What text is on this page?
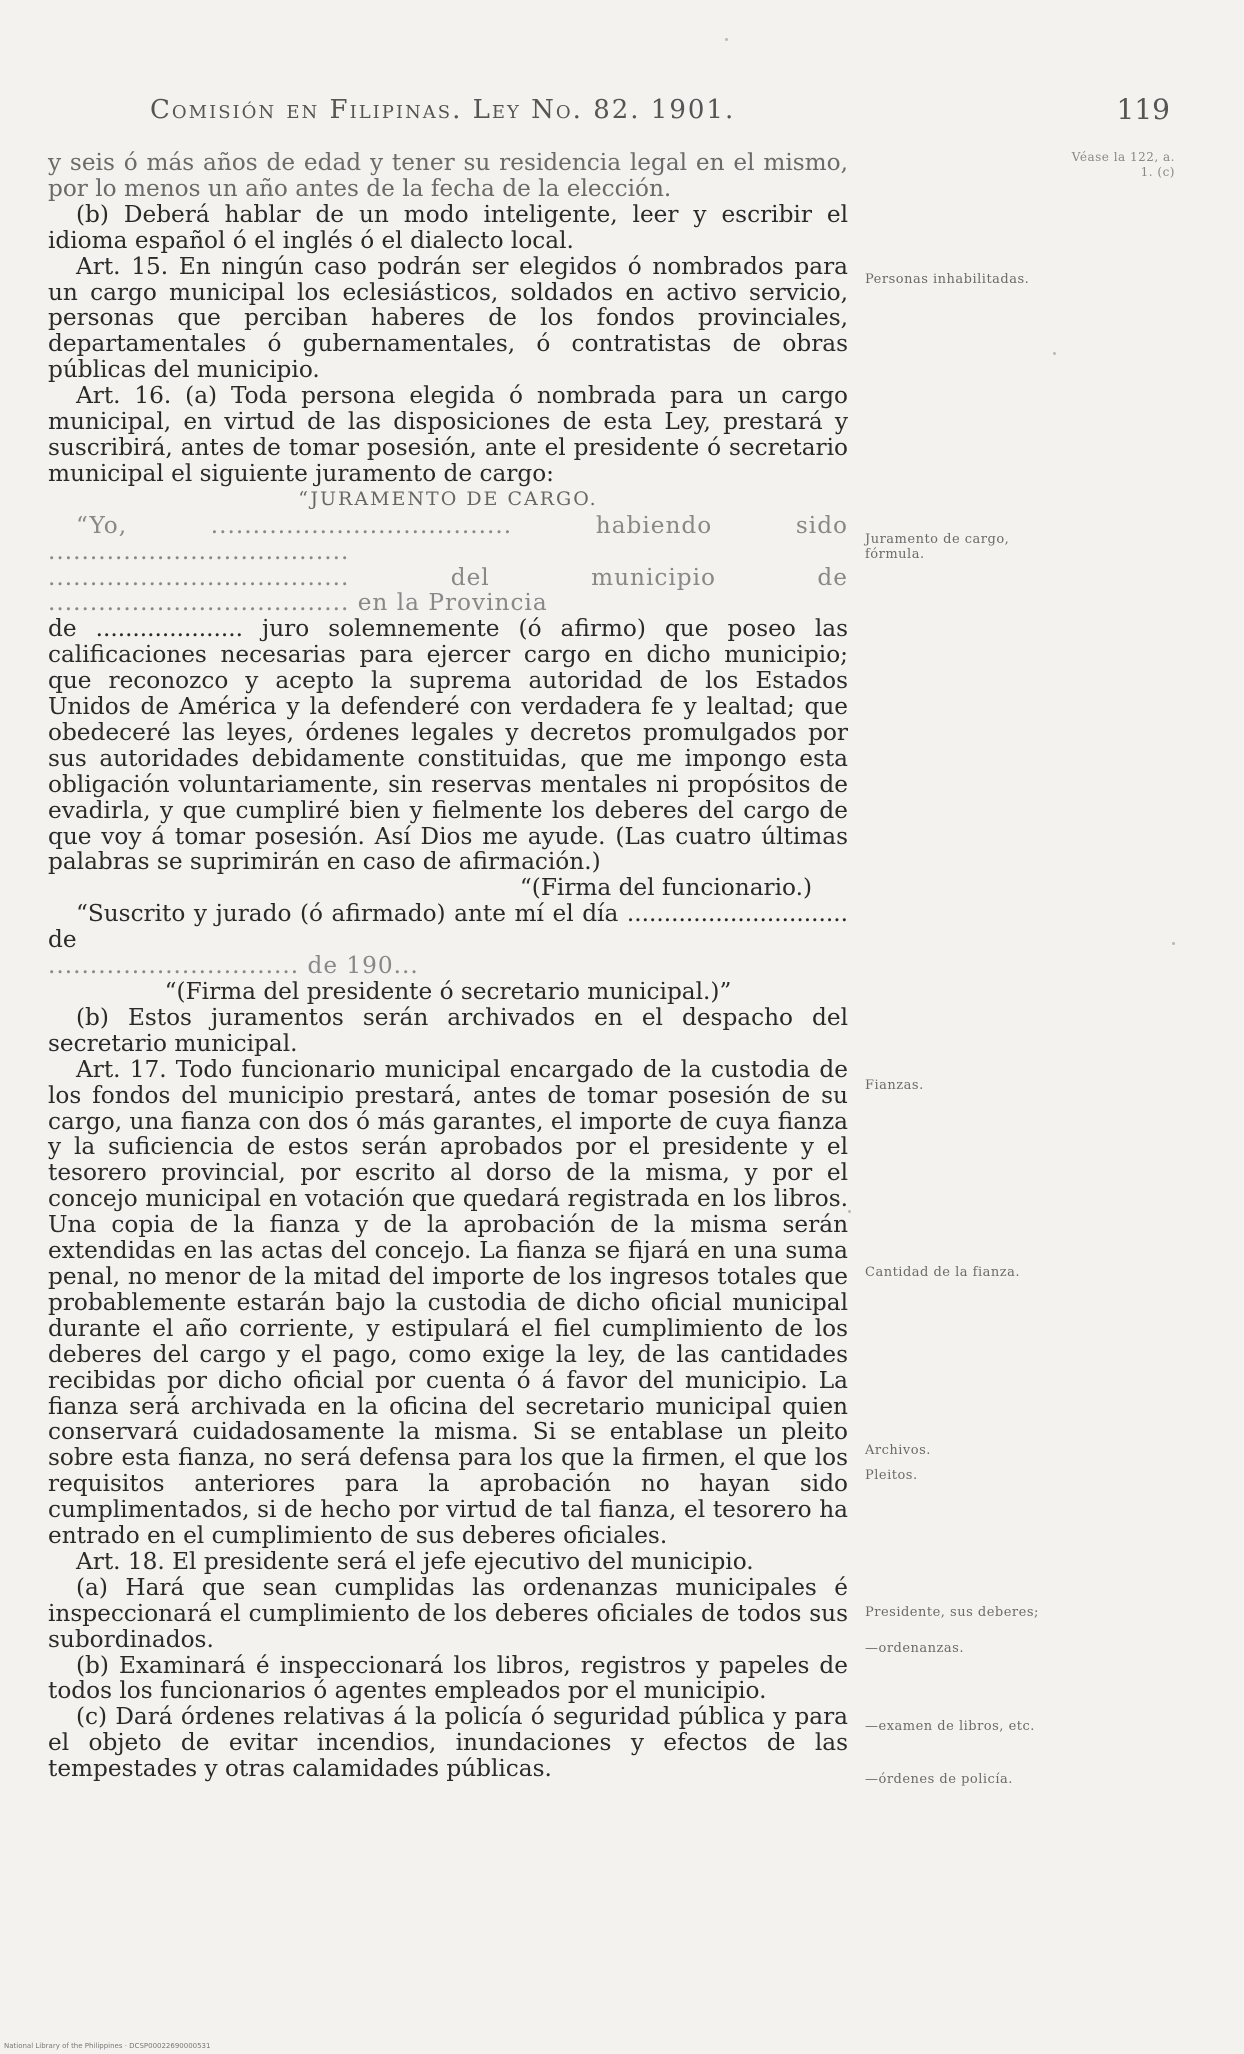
Comisión en Filipinas. Ley No. 82. 1901.	119
Véase la 122, a. 1. (c)

y seis ó más años de edad y tener su residencia legal en el mismo, por lo menos un año antes de la fecha de la elección.

(b) Deberá hablar de un modo inteligente, leer y escribir el idioma español ó el inglés ó el dialecto local.

Art. 15. En ningún caso podrán ser elegidos ó nombrados para un cargo municipal los eclesiásticos, soldados en activo servicio, personas que perciban haberes de los fondos provinciales, departamentales ó gubernamentales, ó contratistas de obras públicas del municipio.

Art. 16. (a) Toda persona elegida ó nombrada para un cargo municipal, en virtud de las disposiciones de esta Ley, prestará y suscribirá, antes de tomar posesión, ante el presidente ó secretario municipal el siguiente juramento de cargo:

“JURAMENTO DE CARGO.

“Yo, .................................... habiendo sido ....................................

.................................... del municipio de .................................... en la Provincia

de .................... juro solemnemente (ó afirmo) que poseo las calificaciones necesarias para ejercer cargo en dicho municipio; que reconozco y acepto la suprema autoridad de los Estados Unidos de América y la defenderé con verdadera fe y lealtad; que obedeceré las leyes, órdenes legales y decretos promulgados por sus autoridades debidamente constituidas, que me impongo esta obligación voluntariamente, sin reservas mentales ni propósitos de evadirla, y que cumpliré bien y fielmente los deberes del cargo de que voy á tomar posesión. Así Dios me ayude. (Las cuatro últimas palabras se suprimirán en caso de afirmación.)

“(Firma del funcionario.)

“Suscrito y jurado (ó afirmado) ante mí el día .............................. de

.............................. de 190...

“(Firma del presidente ó secretario municipal.)”

(b) Estos juramentos serán archivados en el despacho del secretario municipal.

Art. 17. Todo funcionario municipal encargado de la custodia de los fondos del municipio prestará, antes de tomar posesión de su cargo, una fianza con dos ó más garantes, el importe de cuya fianza y la suficiencia de estos serán aprobados por el presidente y el tesorero provincial, por escrito al dorso de la misma, y por el concejo municipal en votación que quedará registrada en los libros. Una copia de la fianza y de la aprobación de la misma serán extendidas en las actas del concejo. La fianza se fijará en una suma penal, no menor de la mitad del importe de los ingresos totales que probablemente estarán bajo la custodia de dicho oficial municipal durante el año corriente, y estipulará el fiel cumplimiento de los deberes del cargo y el pago, como exige la ley, de las cantidades recibidas por dicho oficial por cuenta ó á favor del municipio. La fianza será archivada en la oficina del secretario municipal quien conservará cuidadosamente la misma. Si se entablase un pleito sobre esta fianza, no será defensa para los que la firmen, el que los requisitos anteriores para la aprobación no hayan sido cumplimentados, si de hecho por virtud de tal fianza, el tesorero ha entrado en el cumplimiento de sus deberes oficiales.

Art. 18. El presidente será el jefe ejecutivo del municipio.

(a) Hará que sean cumplidas las ordenanzas municipales é inspeccionará el cumplimiento de los deberes oficiales de todos sus subordinados.

(b) Examinará é inspeccionará los libros, registros y papeles de todos los funcionarios ó agentes empleados por el municipio.

(c) Dará órdenes relativas á la policía ó seguridad pública y para el objeto de evitar incendios, inundaciones y efectos de las tempestades y otras calamidades públicas.

Personas inhabilitadas.
Juramento de cargo, fórmula.
Fianzas.
Cantidad de la fianza.
Archivos.
Pleitos.
Presidente, sus deberes;
—ordenanzas.
—examen de libros, etc.
—órdenes de policía.
National Library of the Philippines · DCSP00022690000531
